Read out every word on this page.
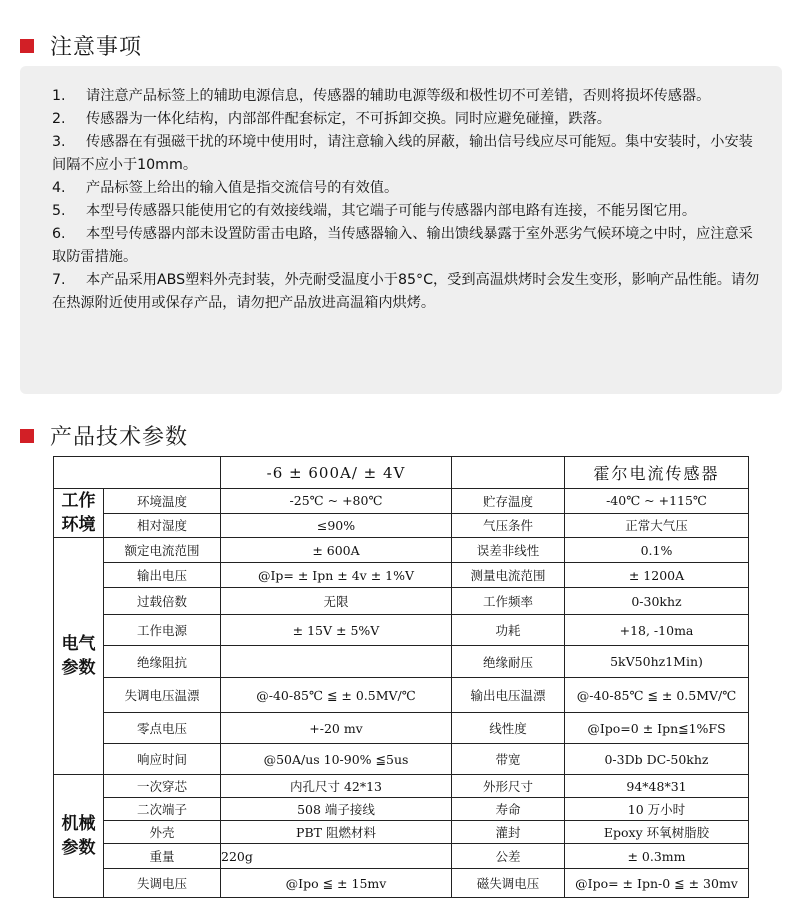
注意事项
1. 请注意产品标签上的辅助电源信息，传感器的辅助电源等级和极性切不可差错，否则将损坏传感器。
2. 传感器为一体化结构，内部部件配套标定，不可拆卸交换。同时应避免碰撞，跌落。
3. 传感器在有强磁干扰的环境中使用时，请注意输入线的屏蔽，输出信号线应尽可能短。集中安装时，小安装间隔不应小于10mm。
4. 产品标签上给出的输入值是指交流信号的有效值。
5. 本型号传感器只能使用它的有效接线端，其它端子可能与传感器内部电路有连接，不能另图它用。
6. 本型号传感器内部未设置防雷击电路，当传感器输入、输出馈线暴露于室外恶劣气候环境之中时，应注意采取防雷措施。
7. 本产品采用ABS塑料外壳封装，外壳耐受温度小于85°C，受到高温烘烤时会发生变形，影响产品性能。请勿在热源附近使用或保存产品，请勿把产品放进高温箱内烘烤。
产品技术参数
		-6 ± 600A/ ± 4V		霍尔电流传感器
工作环境	环境温度	-25℃ ~ +80℃	贮存温度	-40℃ ~ +115℃
	相对湿度	≤90%	气压条件	正常大气压
电气参数	额定电流范围	± 600A	误差非线性	0.1%
	输出电压	@Ip= ± Ipn ± 4v ± 1%V	测量电流范围	± 1200A
	过载倍数	无限	工作频率	0-30khz
	工作电源	± 15V ± 5%V	功耗	+18, -10ma
	绝缘阻抗		绝缘耐压	5kV50hz1Min)
	失调电压温漂	@-40-85℃ ≦ ± 0.5MV/℃	输出电压温漂	@-40-85℃ ≦ ± 0.5MV/℃
	零点电压	+-20 mv	线性度	@Ipo=0 ± Ipn≦1%FS
	响应时间	@50A/us 10-90% ≦5us	带宽	0-3Db DC-50khz
机械参数	一次穿芯	内孔尺寸 42*13	外形尺寸	94*48*31
	二次端子	508 端子接线	寿命	10 万小时
	外壳	PBT 阻燃材料	灌封	Epoxy 环氧树脂胶
	重量	220g	公差	± 0.3mm
	失调电压	@Ipo ≦ ± 15mv	磁失调电压	@Ipo= ± Ipn-0 ≦ ± 30mv
